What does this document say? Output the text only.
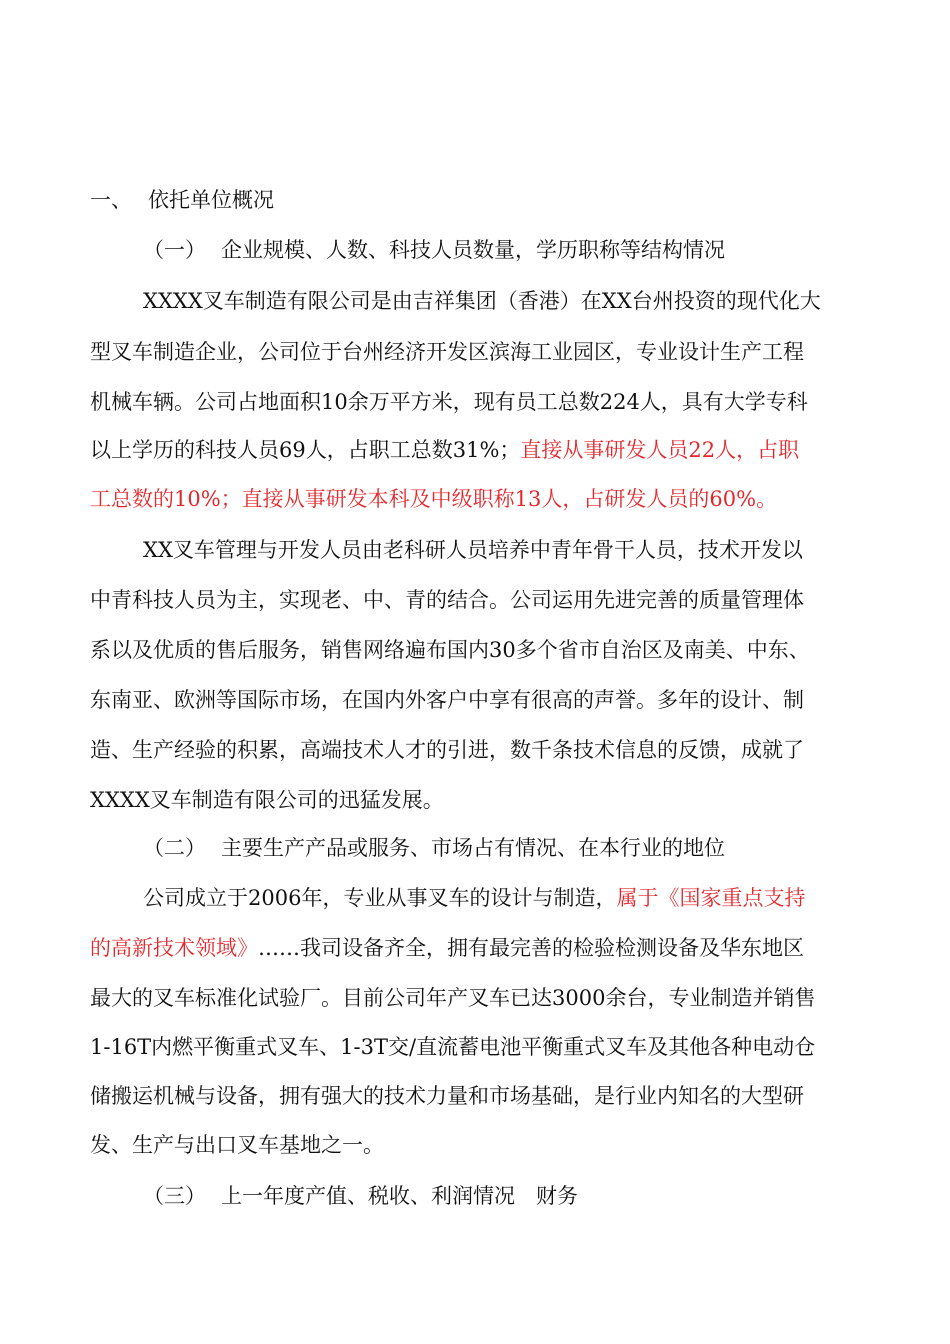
一、 依托单位概况
（一） 企业规模、人数、科技人员数量，学历职称等结构情况
XXXX叉车制造有限公司是由吉祥集团（香港）在XX台州投资的现代化大
型叉车制造企业，公司位于台州经济开发区滨海工业园区，专业设计生产工程
机械车辆。公司占地面积10余万平方米，现有员工总数224人，具有大学专科
以上学历的科技人员69人，占职工总数31%；直接从事研发人员22人，占职
工总数的10%；直接从事研发本科及中级职称13人，占研发人员的60%。
XX叉车管理与开发人员由老科研人员培养中青年骨干人员，技术开发以
中青科技人员为主，实现老、中、青的结合。公司运用先进完善的质量管理体
系以及优质的售后服务，销售网络遍布国内30多个省市自治区及南美、中东、
东南亚、欧洲等国际市场，在国内外客户中享有很高的声誉。多年的设计、制
造、生产经验的积累，高端技术人才的引进，数千条技术信息的反馈，成就了
XXXX叉车制造有限公司的迅猛发展。
（二） 主要生产产品或服务、市场占有情况、在本行业的地位
公司成立于2006年，专业从事叉车的设计与制造，属于《国家重点支持
的高新技术领域》……我司设备齐全，拥有最完善的检验检测设备及华东地区
最大的叉车标准化试验厂。目前公司年产叉车已达3000余台，专业制造并销售
1-16T内燃平衡重式叉车、1-3T交/直流蓄电池平衡重式叉车及其他各种电动仓
储搬运机械与设备，拥有强大的技术力量和市场基础，是行业内知名的大型研
发、生产与出口叉车基地之一。
（三） 上一年度产值、税收、利润情况　财务
